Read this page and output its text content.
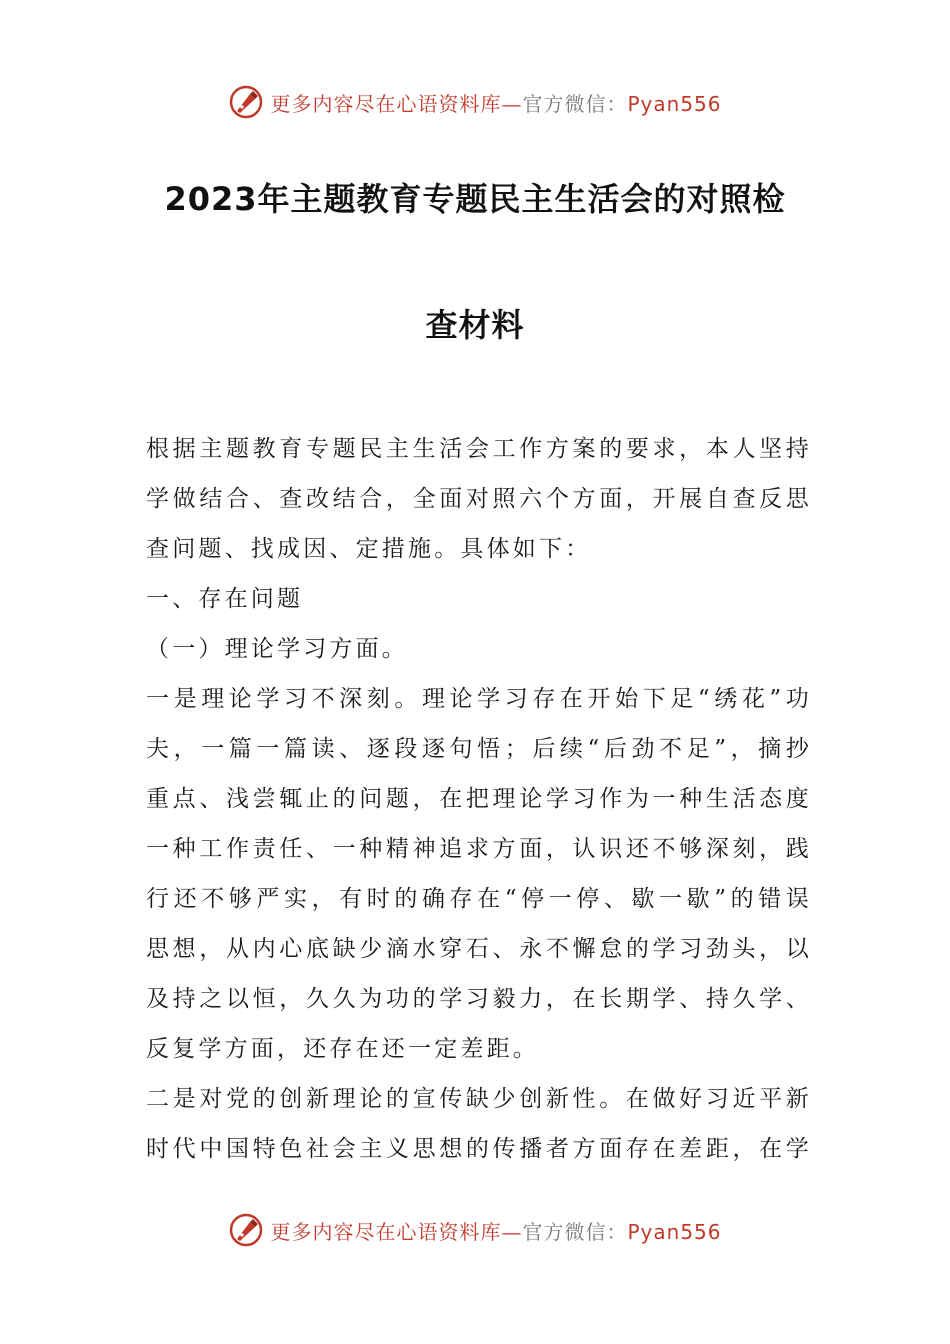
更多内容尽在心语资料库—官方微信：Pyan556
2023年主题教育专题民主生活会的对照检
查材料
根据主题教育专题民主生活会工作方案的要求，本人坚持
学做结合、查改结合，全面对照六个方面，开展自查反思
查问题、找成因、定措施。具体如下：
一、存在问题
（一）理论学习方面。
一是理论学习不深刻。理论学习存在开始下足“绣花”功
夫，一篇一篇读、逐段逐句悟；后续“后劲不足”，摘抄
重点、浅尝辄止的问题，在把理论学习作为一种生活态度
一种工作责任、一种精神追求方面，认识还不够深刻，践
行还不够严实，有时的确存在“停一停、歇一歇”的错误
思想，从内心底缺少滴水穿石、永不懈怠的学习劲头，以
及持之以恒，久久为功的学习毅力，在长期学、持久学、
反复学方面，还存在还一定差距。
二是对党的创新理论的宣传缺少创新性。在做好习近平新
时代中国特色社会主义思想的传播者方面存在差距，在学
更多内容尽在心语资料库—官方微信：Pyan556
